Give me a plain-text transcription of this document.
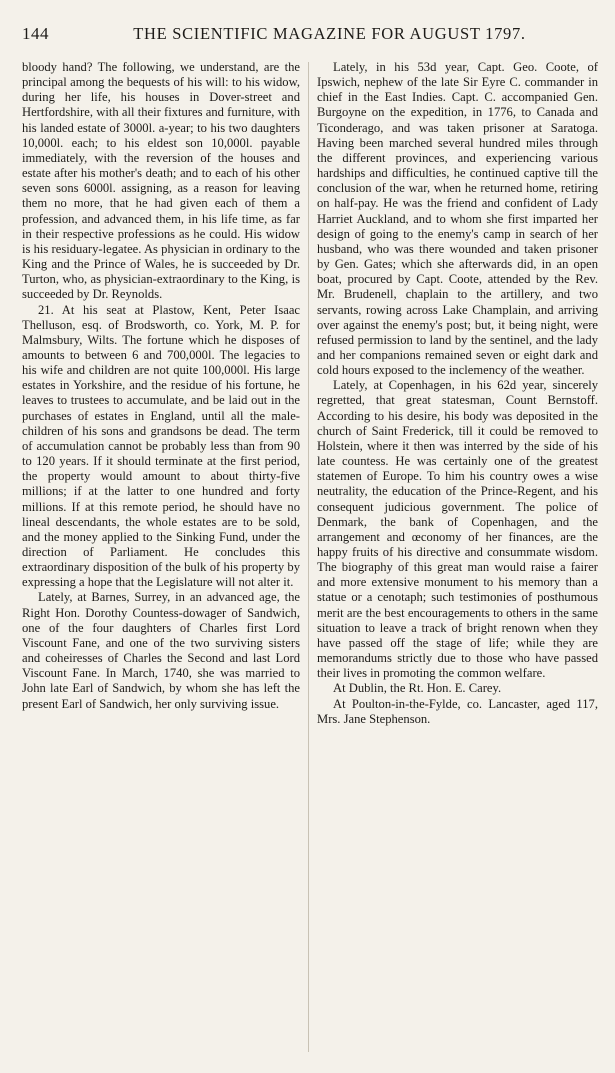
144	THE SCIENTIFIC MAGAZINE FOR AUGUST 1797.

bloody hand? The following, we understand, are the principal among the bequests of his will: to his widow, during her life, his houses in Dover-street and Hertfordshire, with all their fixtures and furniture, with his landed estate of 3000l. a-year; to his two daughters 10,000l. each; to his eldest son 10,000l. payable immediately, with the reversion of the houses and estate after his mother's death; and to each of his other seven sons 6000l. assigning, as a reason for leaving them no more, that he had given each of them a profession, and advanced them, in his life time, as far in their respective professions as he could. His widow is his residuary-legatee. As physician in ordinary to the King and the Prince of Wales, he is succeeded by Dr. Turton, who, as physician-extraordinary to the King, is succeeded by Dr. Reynolds.

21. At his seat at Plastow, Kent, Peter Isaac Thelluson, esq. of Brodsworth, co. York, M. P. for Malmsbury, Wilts. The fortune which he disposes of amounts to between 6 and 700,000l. The legacies to his wife and children are not quite 100,000l. His large estates in Yorkshire, and the residue of his fortune, he leaves to trustees to accumulate, and be laid out in the purchases of estates in England, until all the male-children of his sons and grandsons be dead. The term of accumulation cannot be probably less than from 90 to 120 years. If it should terminate at the first period, the property would amount to about thirty-five millions; if at the latter to one hundred and forty millions. If at this remote period, he should have no lineal descendants, the whole estates are to be sold, and the money applied to the Sinking Fund, under the direction of Parliament. He concludes this extraordinary disposition of the bulk of his property by expressing a hope that the Legislature will not alter it.

Lately, at Barnes, Surrey, in an advanced age, the Right Hon. Dorothy Countess-dowager of Sandwich, one of the four daughters of Charles first Lord Viscount Fane, and one of the two surviving sisters and coheiresses of Charles the Second and last Lord Viscount Fane. In March, 1740, she was married to John late Earl of Sandwich, by whom she has left the present Earl of Sandwich, her only surviving issue.

Lately, in his 53d year, Capt. Geo. Coote, of Ipswich, nephew of the late Sir Eyre C. commander in chief in the East Indies. Capt. C. accompanied Gen. Burgoyne on the expedition, in 1776, to Canada and Ticonderago, and was taken prisoner at Saratoga. Having been marched several hundred miles through the different provinces, and experiencing various hardships and difficulties, he continued captive till the conclusion of the war, when he returned home, retiring on half-pay. He was the friend and confident of Lady Harriet Auckland, and to whom she first imparted her design of going to the enemy's camp in search of her husband, who was there wounded and taken prisoner by Gen. Gates; which she afterwards did, in an open boat, procured by Capt. Coote, attended by the Rev. Mr. Brudenell, chaplain to the artillery, and two servants, rowing across Lake Champlain, and arriving over against the enemy's post; but, it being night, were refused permission to land by the sentinel, and the lady and her companions remained seven or eight dark and cold hours exposed to the inclemency of the weather.

Lately, at Copenhagen, in his 62d year, sincerely regretted, that great statesman, Count Bernstoff. According to his desire, his body was deposited in the church of Saint Frederick, till it could be removed to Holstein, where it then was interred by the side of his late countess. He was certainly one of the greatest statemen of Europe. To him his country owes a wise neutrality, the education of the Prince-Regent, and his consequent judicious government. The police of Denmark, the bank of Copenhagen, and the arrangement and œconomy of her finances, are the happy fruits of his directive and consummate wisdom. The biography of this great man would raise a fairer and more extensive monument to his memory than a statue or a cenotaph; such testimonies of posthumous merit are the best encouragements to others in the same situation to leave a track of bright renown when they have passed off the stage of life; while they are memorandums strictly due to those who have passed their lives in promoting the common welfare.

At Dublin, the Rt. Hon. E. Carey.

At Poulton-in-the-Fylde, co. Lancaster, aged 117, Mrs. Jane Stephenson.
